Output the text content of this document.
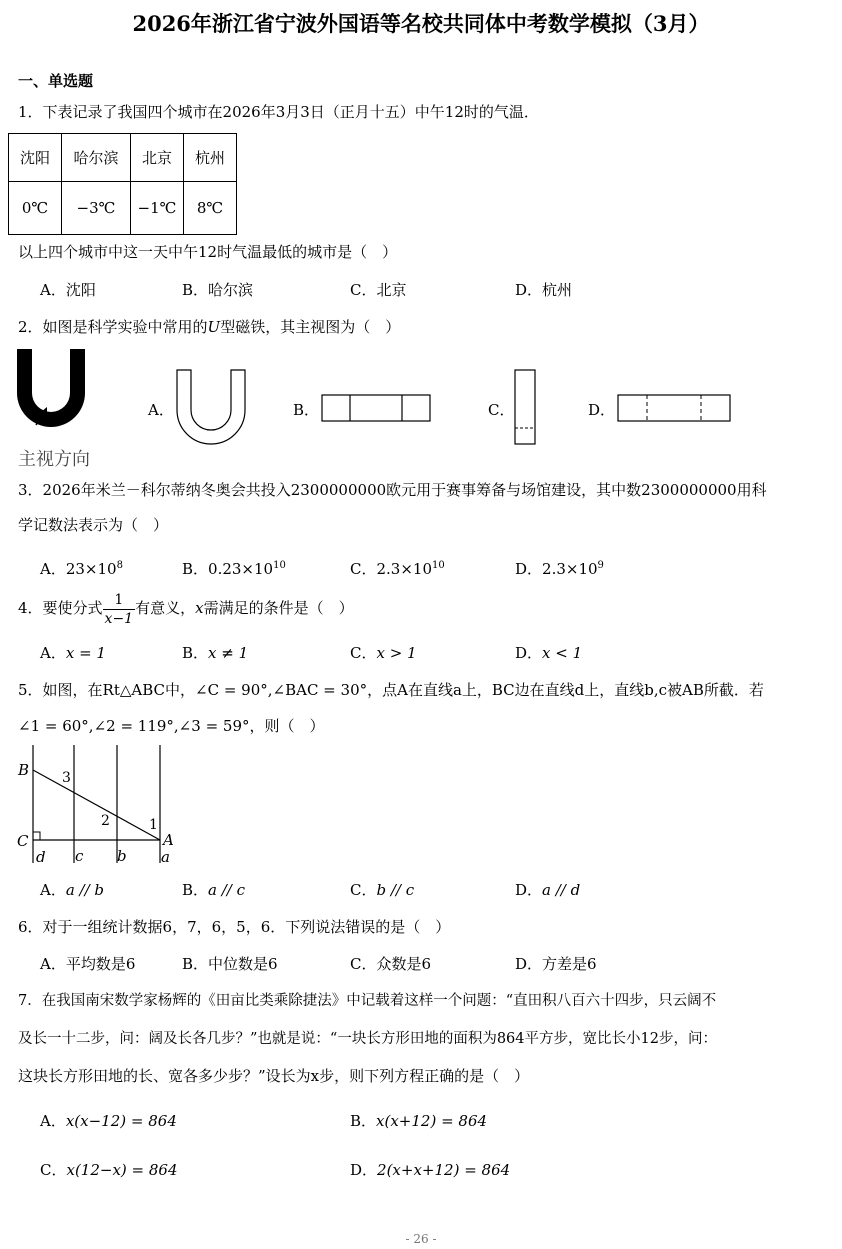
2026年浙江省宁波外国语等名校共同体中考数学模拟（3月）
一、单选题
1．下表记录了我国四个城市在2026年3月3日（正月十五）中午12时的气温．
沈阳	哈尔滨	北京	杭州
0℃	−3℃	−1℃	8℃
以上四个城市中这一天中午12时气温最低的城市是（　）
A．沈阳	B．哈尔滨	C．北京	D．杭州
2．如图是科学实验中常用的U型磁铁，其主视图为（　）
主视方向
A．	B．	C．	D．
3．2026年米兰－科尔蒂纳冬奥会共投入2300000000欧元用于赛事筹备与场馆建设，其中数2300000000用科
学记数法表示为（　）
A．$23\times 10^8$	B．$0.23\times 10^{10}$	C．$2.3\times 10^{10}$	D．$2.3\times 10^9$
4．要使分式 $\frac{1}{x-1}$ 有意义，x需满足的条件是（　）
A．x = 1	B．x ≠ 1	C．x > 1	D．x < 1
5．如图，在Rt△ABC中，∠C = 90°,∠BAC = 30°，点A在直线a上，BC边在直线d上，直线b,c被AB所截．若
∠1 = 60°,∠2 = 119°,∠3 = 59°，则（　）
B
C	A
d c b a
3
2	1
A．a // b	B．a // c	C．b // c	D．a // d
6．对于一组统计数据6，7，6，5，6．下列说法错误的是（　）
A．平均数是6	B．中位数是6	C．众数是6	D．方差是6
7．在我国南宋数学家杨辉的《田亩比类乘除捷法》中记载着这样一个问题：“直田积八百六十四步，只云阔不
及长一十二步，问：阔及长各几步？”也就是说：“一块长方形田地的面积为864平方步，宽比长小12步，问：
这块长方形田地的长、宽各多少步？”设长为x步，则下列方程正确的是（　）
A．x(x−12) = 864	B．x(x+12) = 864
C．x(12−x) = 864	D．2(x+x+12) = 864
- 26 -
